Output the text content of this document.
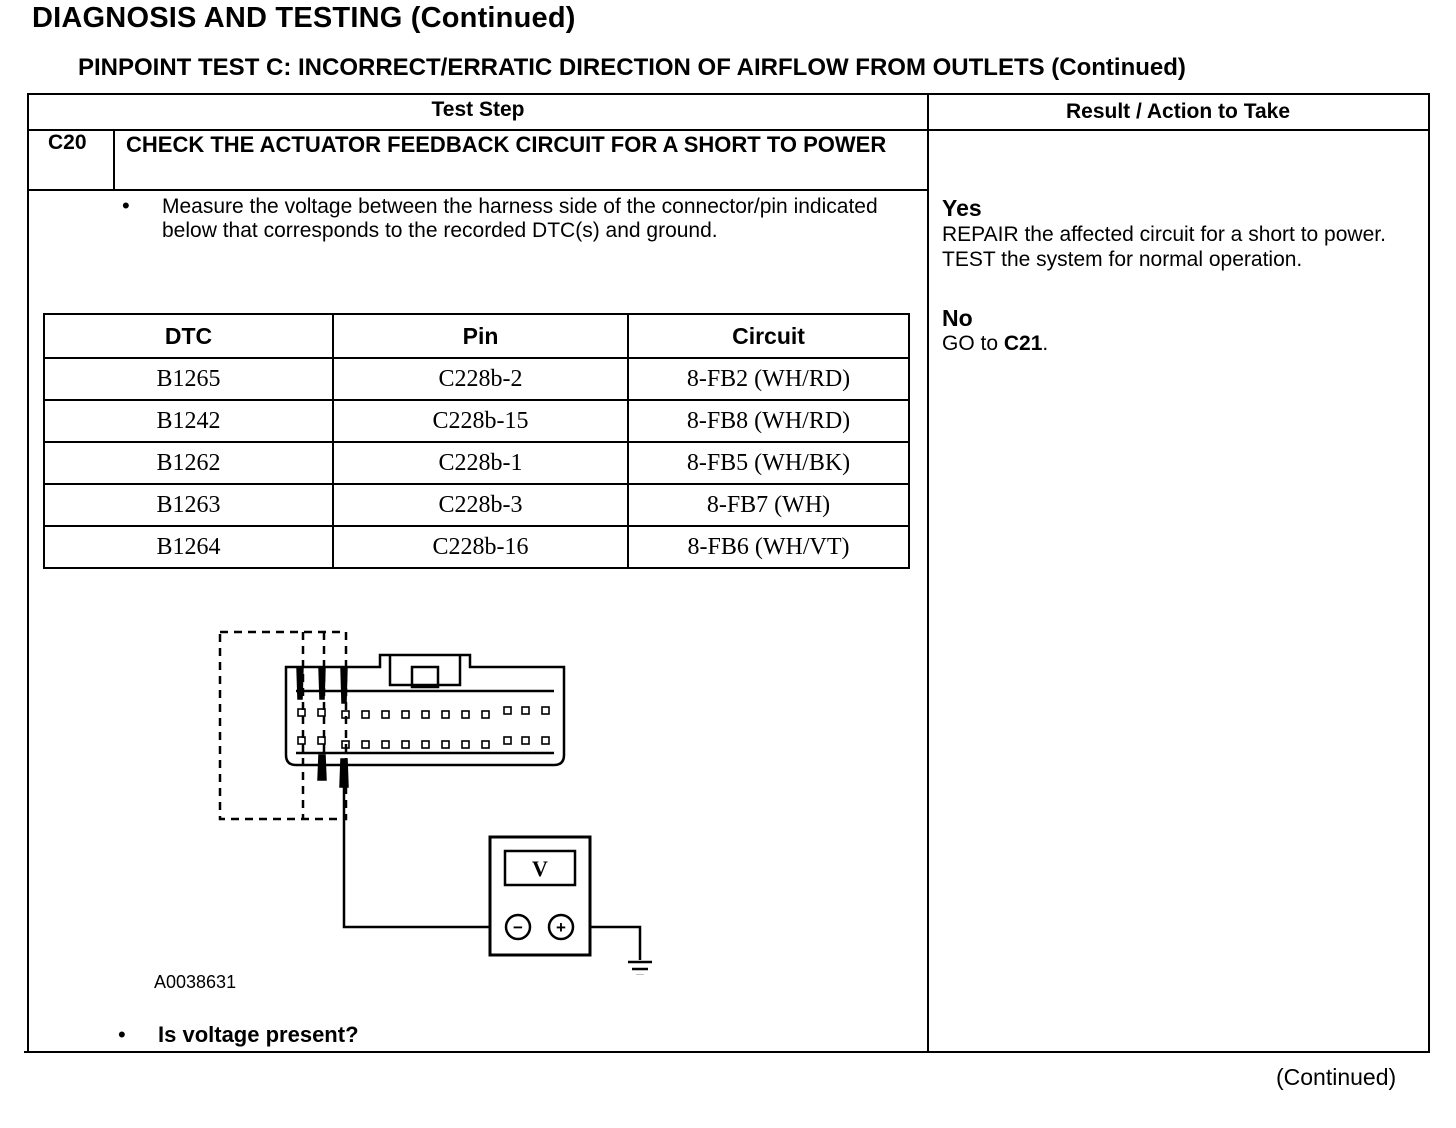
DIAGNOSIS AND TESTING (Continued)
PINPOINT TEST C: INCORRECT/ERRATIC DIRECTION OF AIRFLOW FROM OUTLETS (Continued)
Test Step	Result / Action to Take
C20 CHECK THE ACTUATOR FEEDBACK CIRCUIT FOR A SHORT TO POWER
• Measure the voltage between the harness side of the connector/pin indicated below that corresponds to the recorded DTC(s) and ground.
DTC	Pin	Circuit
B1265	C228b-2	8-FB2 (WH/RD)
B1242	C228b-15	8-FB8 (WH/RD)
B1262	C228b-1	8-FB5 (WH/BK)
B1263	C228b-3	8-FB7 (WH)
B1264	C228b-16	8-FB6 (WH/VT)
V
− +
A0038631
• Is voltage present?
Yes
REPAIR the affected circuit for a short to power. TEST the system for normal operation.
No
GO to C21.
(Continued)
